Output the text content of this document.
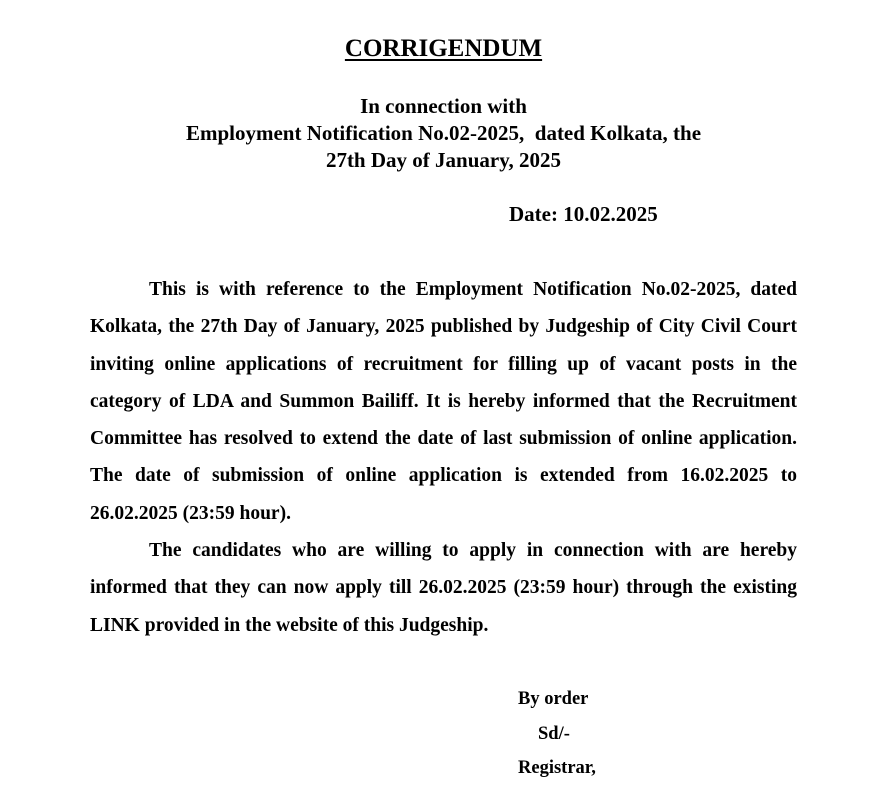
CORRIGENDUM
In connection with
Employment Notification No.02-2025,  dated Kolkata, the
27th Day of January, 2025
Date: 10.02.2025

This is with reference to the Employment Notification No.02-2025, dated Kolkata, the 27th Day of January, 2025 published by Judgeship of City Civil Court inviting online applications of recruitment for filling up of vacant posts in the category of LDA and Summon Bailiff. It is hereby informed that the Recruitment Committee has resolved to extend the date of last submission of online application. The date of submission of online application is extended from 16.02.2025 to 26.02.2025 (23:59 hour).

The candidates who are willing to apply in connection with are hereby informed that they can now apply till 26.02.2025 (23:59 hour) through the existing LINK provided in the website of this Judgeship.

By order
Sd/-
Registrar,
